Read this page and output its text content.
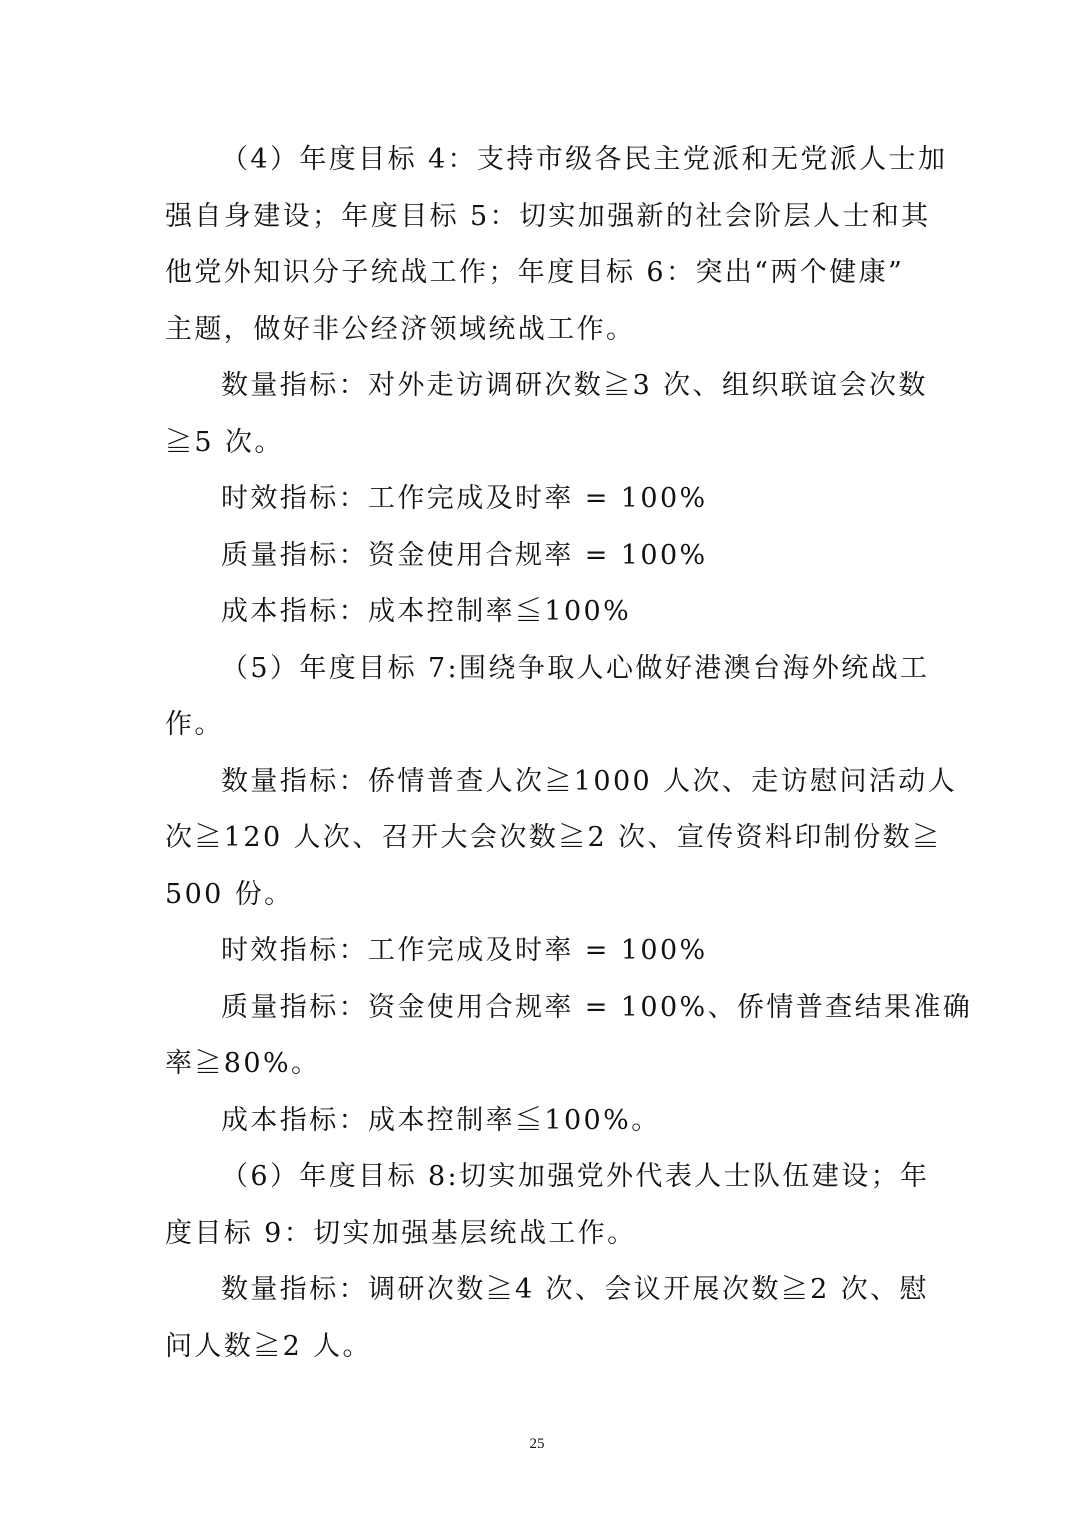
（4）年度目标 4：支持市级各民主党派和无党派人士加
强自身建设；年度目标 5：切实加强新的社会阶层人士和其
他党外知识分子统战工作；年度目标 6：突出“两个健康”
主题，做好非公经济领域统战工作。
数量指标：对外走访调研次数≧3 次、组织联谊会次数
≧5 次。
时效指标：工作完成及时率 = 100%
质量指标：资金使用合规率 = 100%
成本指标：成本控制率≦100%
（5）年度目标 7:围绕争取人心做好港澳台海外统战工
作。
数量指标：侨情普查人次≧1000 人次、走访慰问活动人
次≧120 人次、召开大会次数≧2 次、宣传资料印制份数≧
500 份。
时效指标：工作完成及时率 = 100%
质量指标：资金使用合规率 = 100%、侨情普查结果准确
率≧80%。
成本指标：成本控制率≦100%。
（6）年度目标 8:切实加强党外代表人士队伍建设；年
度目标 9：切实加强基层统战工作。
数量指标：调研次数≧4 次、会议开展次数≧2 次、慰
问人数≧2 人。
25
